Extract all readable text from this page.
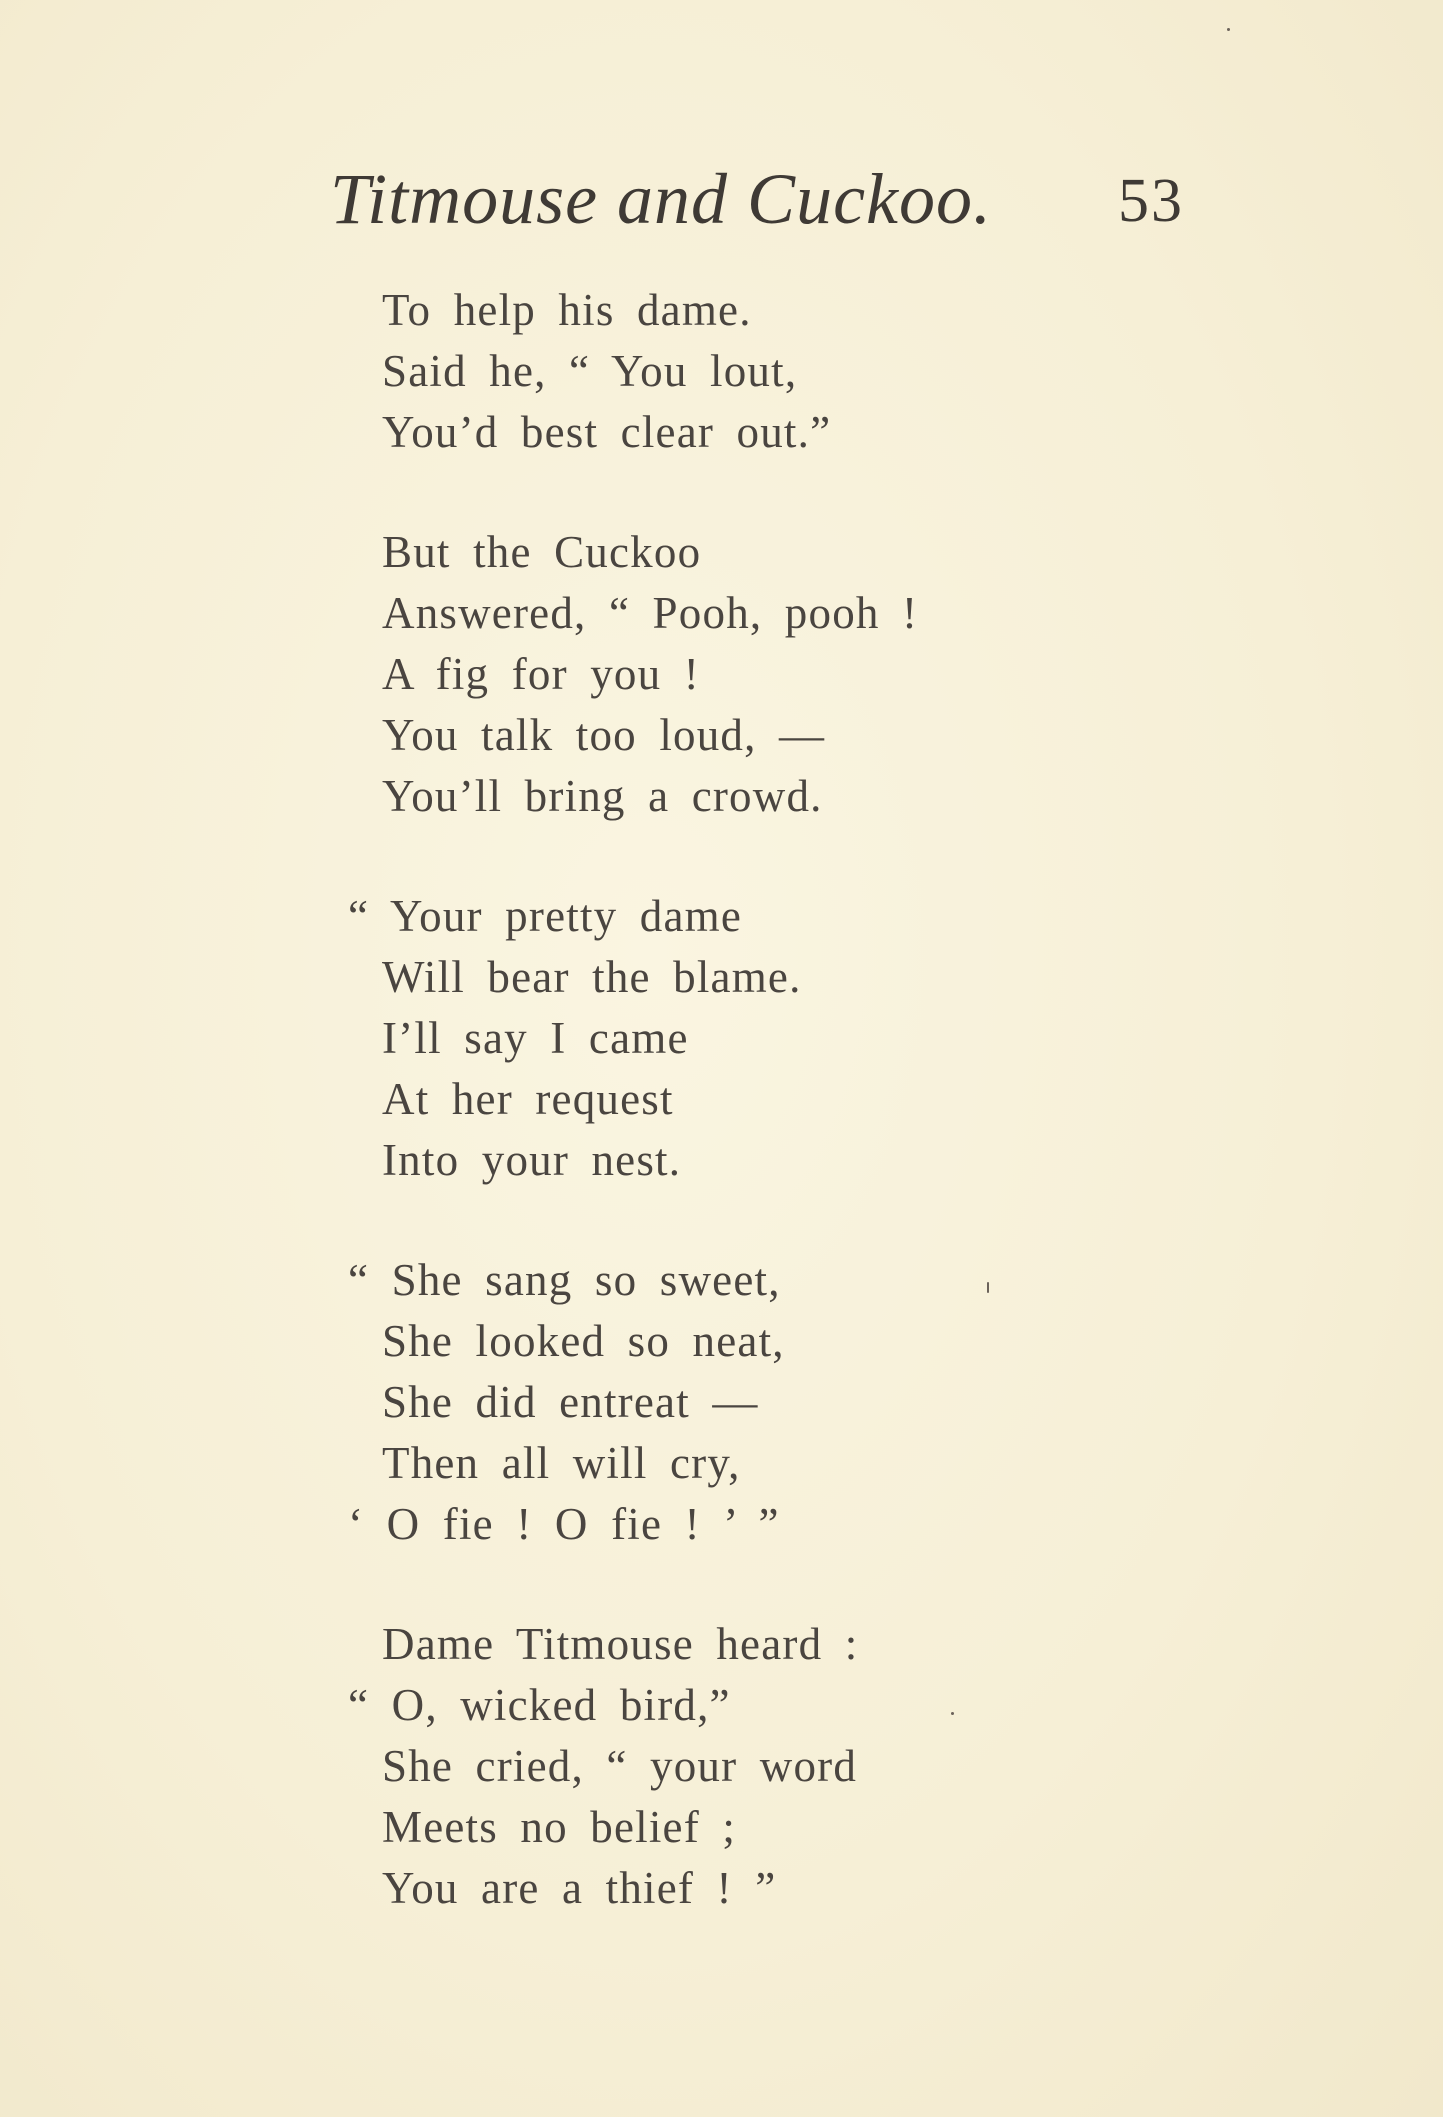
Titmouse and Cuckoo. 53
To help his dame.
Said he, “ You lout,
You’d best clear out.”
But the Cuckoo
Answered, “ Pooh, pooh !
A fig for you !
You talk too loud, —
You’ll bring a crowd.
“ Your pretty dame
Will bear the blame.
I’ll say I came
At her request
Into your nest.
“ She sang so sweet,
She looked so neat,
She did entreat —
Then all will cry,
‘ O fie ! O fie ! ’ ”
Dame Titmouse heard :
“ O, wicked bird,”
She cried, “ your word
Meets no belief ;
You are a thief ! ”
